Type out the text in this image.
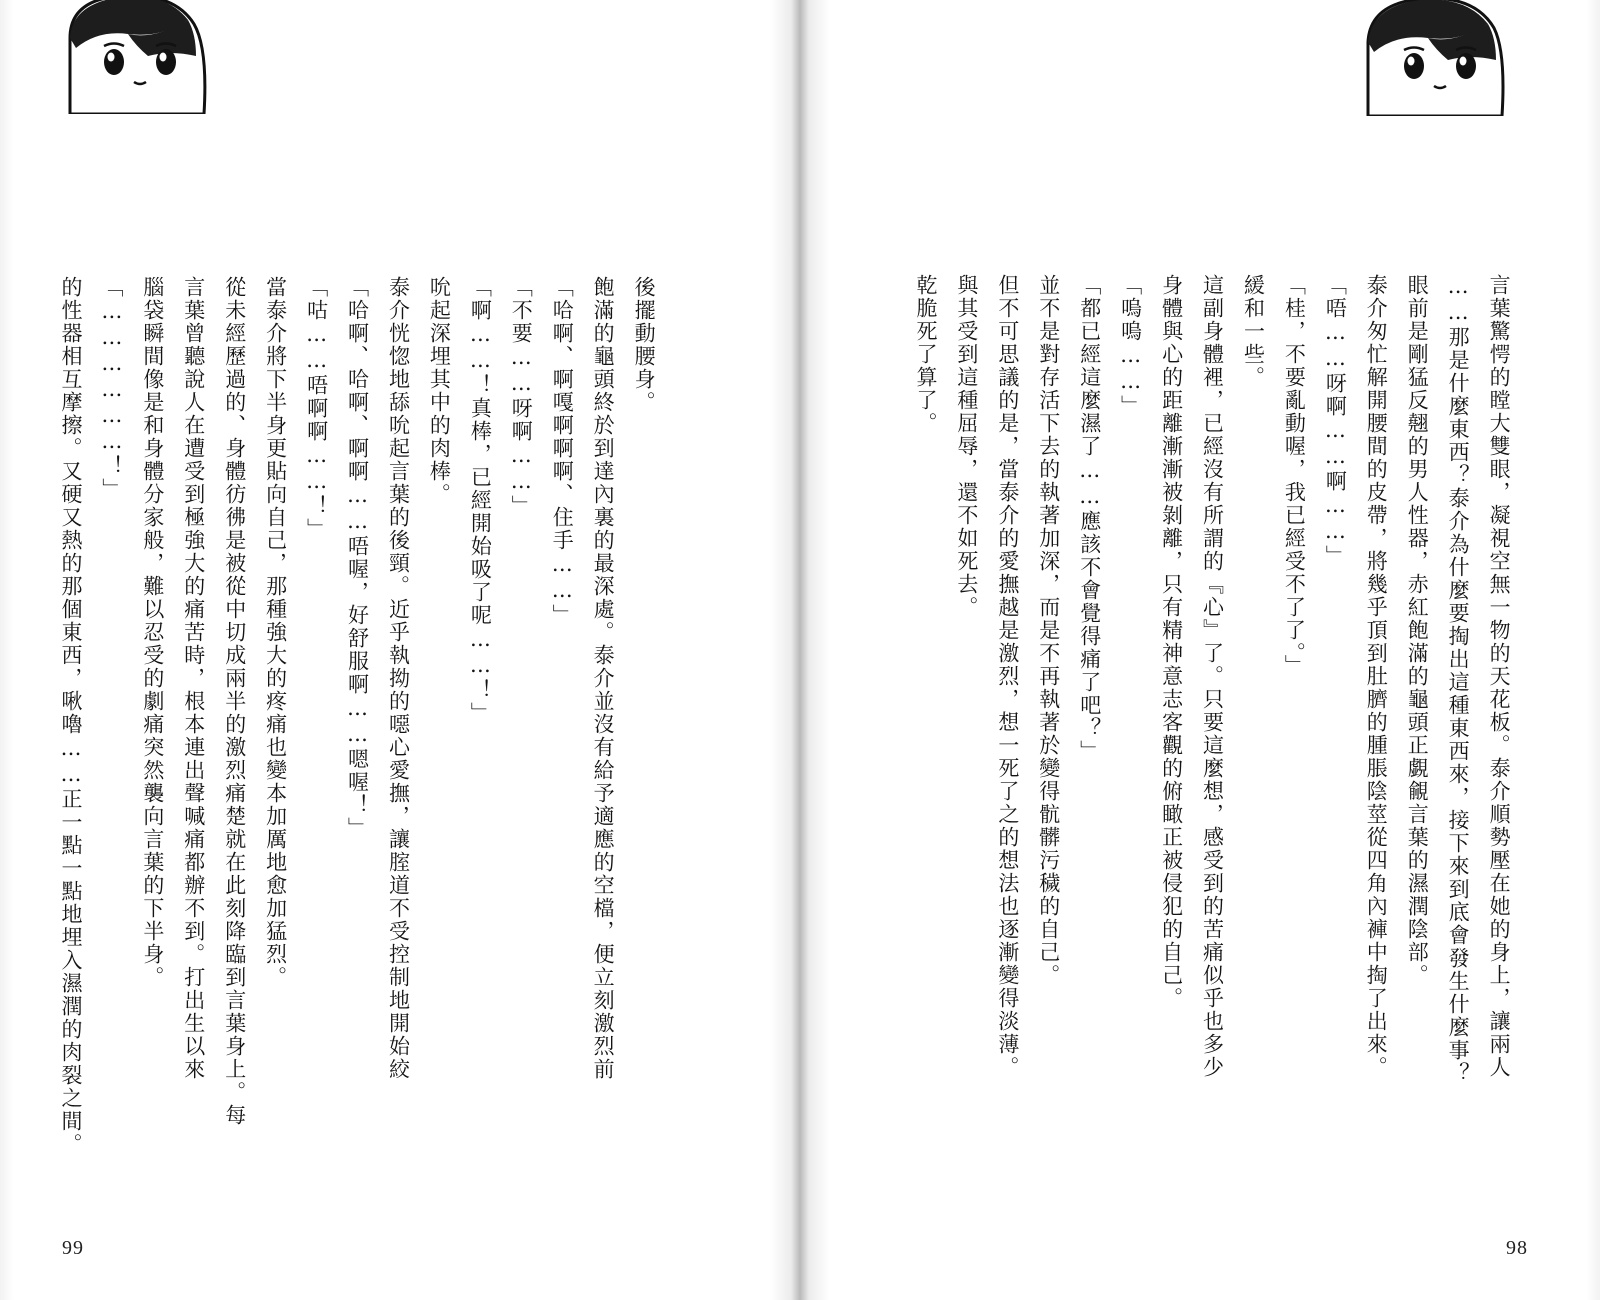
後擺動腰身。
飽滿的龜頭終於到達內裏的最深處。泰介並沒有給予適應的空檔，便立刻激烈前
「哈啊、啊嘎啊啊啊、住手……」
「不要……呀啊……」
「啊……！真棒，已經開始吸了呢……！」
吮起深埋其中的肉棒。
泰介恍惚地舔吮起言葉的後頸。近乎執拗的噁心愛撫，讓腟道不受控制地開始絞
「哈啊、哈啊、啊啊……唔喔，好舒服啊……嗯喔！」
「咕……唔啊啊……！」
當泰介將下半身更貼向自己，那種強大的疼痛也變本加厲地愈加猛烈。
從未經歷過的、身體彷彿是被從中切成兩半的激烈痛楚就在此刻降臨到言葉身上。每
言葉曾聽說人在遭受到極強大的痛苦時，根本連出聲喊痛都辦不到。打出生以來
腦袋瞬間像是和身體分家般，難以忍受的劇痛突然襲向言葉的下半身。
「………………！」
的性器相互摩擦。又硬又熱的那個東西，啾嚕……正一點一點地埋入濕潤的肉裂之間。

99

言葉驚愕的瞠大雙眼，凝視空無一物的天花板。泰介順勢壓在她的身上，讓兩人
……那是什麼東西？泰介為什麼要掏出這種東西來，接下來到底會發生什麼事？
眼前是剛猛反翹的男人性器，赤紅飽滿的龜頭正覷覦言葉的濕潤陰部。
泰介匆忙解開腰間的皮帶，將幾乎頂到肚臍的腫脹陰莖從四角內褲中掏了出來。
「唔……呀啊……啊……」
「桂，不要亂動喔，我已經受不了了。」
緩和一些。
這副身體裡，已經沒有所謂的『心』了。只要這麼想，感受到的苦痛似乎也多少
身體與心的距離漸漸被剝離，只有精神意志客觀的俯瞰正被侵犯的自己。
「嗚嗚……」
「都已經這麼濕了……應該不會覺得痛了吧？」
並不是對存活下去的執著加深，而是不再執著於變得骯髒污穢的自己。
但不可思議的是，當泰介的愛撫越是激烈，想一死了之的想法也逐漸變得淡薄。
與其受到這種屈辱，還不如死去。
乾脆死了算了。

98
